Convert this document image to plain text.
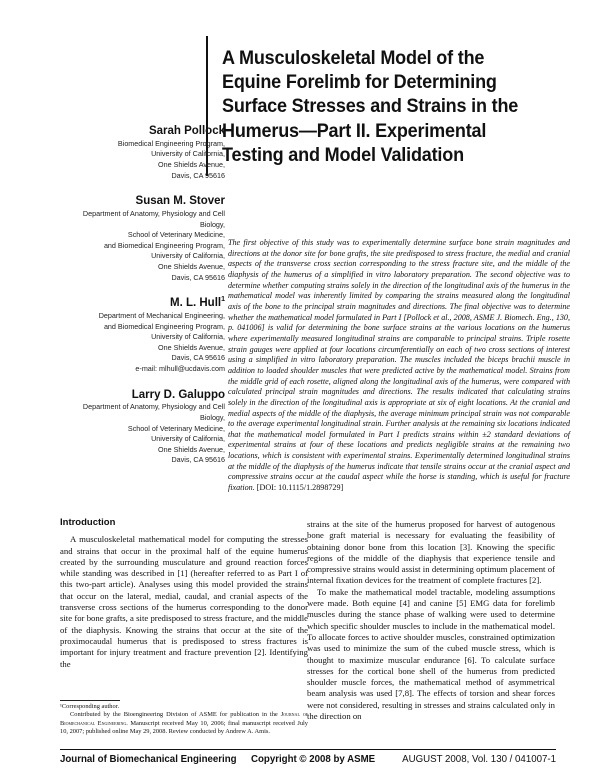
A Musculoskeletal Model of the Equine Forelimb for Determining Surface Stresses and Strains in the Humerus—Part II. Experimental Testing and Model Validation
Sarah Pollock
Biomedical Engineering Program,
University of California,
One Shields Avenue,
Davis, CA 95616
Susan M. Stover
Department of Anatomy, Physiology and Cell
Biology,
School of Veterinary Medicine,
and Biomedical Engineering Program,
University of California,
One Shields Avenue,
Davis, CA 95616
M. L. Hull$^1$
Department of Mechanical Engineering,
and Biomedical Engineering Program,
University of California,
One Shields Avenue,
Davis, CA 95616
e-mail: mlhull@ucdavis.com
Larry D. Galuppo
Department of Anatomy, Physiology and Cell
Biology,
School of Veterinary Medicine,
University of California,
One Shields Avenue,
Davis, CA 95616
The first objective of this study was to experimentally determine surface bone strain magnitudes and directions at the donor site for bone grafts, the site predisposed to stress fracture, the medial and cranial aspects of the transverse cross section corresponding to the stress fracture site, and the middle of the diaphysis of the humerus of a simplified in vitro laboratory preparation. The second objective was to determine whether computing strains solely in the direction of the longitudinal axis of the humerus in the mathematical model was inherently limited by comparing the strains measured along the longitudinal axis of the bone to the principal strain magnitudes and directions. The final objective was to determine whether the mathematical model formulated in Part I [Pollock et al., 2008, ASME J. Biomech. Eng., 130, p. 041006] is valid for determining the bone surface strains at the various locations on the humerus where experimentally measured longitudinal strains are comparable to principal strains. Triple rosette strain gauges were applied at four locations circumferentially on each of two cross sections of interest using a simplified in vitro laboratory preparation. The muscles included the biceps brachii muscle in addition to loaded shoulder muscles that were predicted active by the mathematical model. Strains from the middle grid of each rosette, aligned along the longitudinal axis of the humerus, were compared with calculated principal strain magnitudes and directions. The results indicated that calculating strains solely in the direction of the longitudinal axis is appropriate at six of eight locations. At the cranial and medial aspects of the middle of the diaphysis, the average minimum principal strain was not comparable to the average experimental longitudinal strain. Further analysis at the remaining six locations indicated that the mathematical model formulated in Part I predicts strains within ±2 standard deviations of experimental strains at four of these locations and predicts negligible strains at the remaining two locations, which is consistent with experimental strains. Experimentally determined longitudinal strains at the middle of the diaphysis of the humerus indicate that tensile strains occur at the cranial aspect and compressive strains occur at the caudal aspect while the horse is standing, which is useful for fracture fixation. [DOI: 10.1115/1.2898729]
Introduction

A musculoskeletal mathematical model for computing the stresses and strains that occur in the proximal half of the equine humerus created by the surrounding musculature and ground reaction forces while standing was described in [1] (hereafter referred to as Part I of this two-part article). Analyses using this model provided the strains that occur on the lateral, medial, caudal, and cranial aspects of the transverse cross sections of the humerus corresponding to the donor site for bone grafts, a site predisposed to stress fracture, and the middle of the diaphysis. Knowing the strains that occur at the site of the proximocaudal humerus that is predisposed to stress fractures is important for injury treatment and fracture prevention [2]. Identifying the

strains at the site of the humerus proposed for harvest of autogenous bone graft material is necessary for evaluating the feasibility of obtaining donor bone from this location [3]. Knowing the specific regions of the middle of the diaphysis that experience tensile and compressive strains would assist in determining optimum placement of internal fixation devices for the treatment of complete fractures [2].

To make the mathematical model tractable, modeling assumptions were made. Both equine [4] and canine [5] EMG data for forelimb muscles during the stance phase of walking were used to determine which specific shoulder muscles to include in the mathematical model. To allocate forces to active shoulder muscles, constrained optimization was used to minimize the sum of the cubed muscle stress, which is thought to maximize muscular endurance [6]. To calculate surface stresses for the cortical bone shell of the humerus from predicted shoulder muscle forces, the mathematical method of asymmetrical beam analysis was used [7,8]. The effects of torsion and shear forces were not considered, resulting in stresses and strains calculated only in the direction on

¹Corresponding author.

Contributed by the Bioengineering Division of ASME for publication in the Journal of Biomechanical Engineering. Manuscript received May 10, 2006; final manuscript received July 10, 2007; published online May 29, 2008. Review conducted by Andrew A. Amis.

Journal of Biomechanical Engineering Copyright © 2008 by ASME	AUGUST 2008, Vol. 130 / 041007-1
